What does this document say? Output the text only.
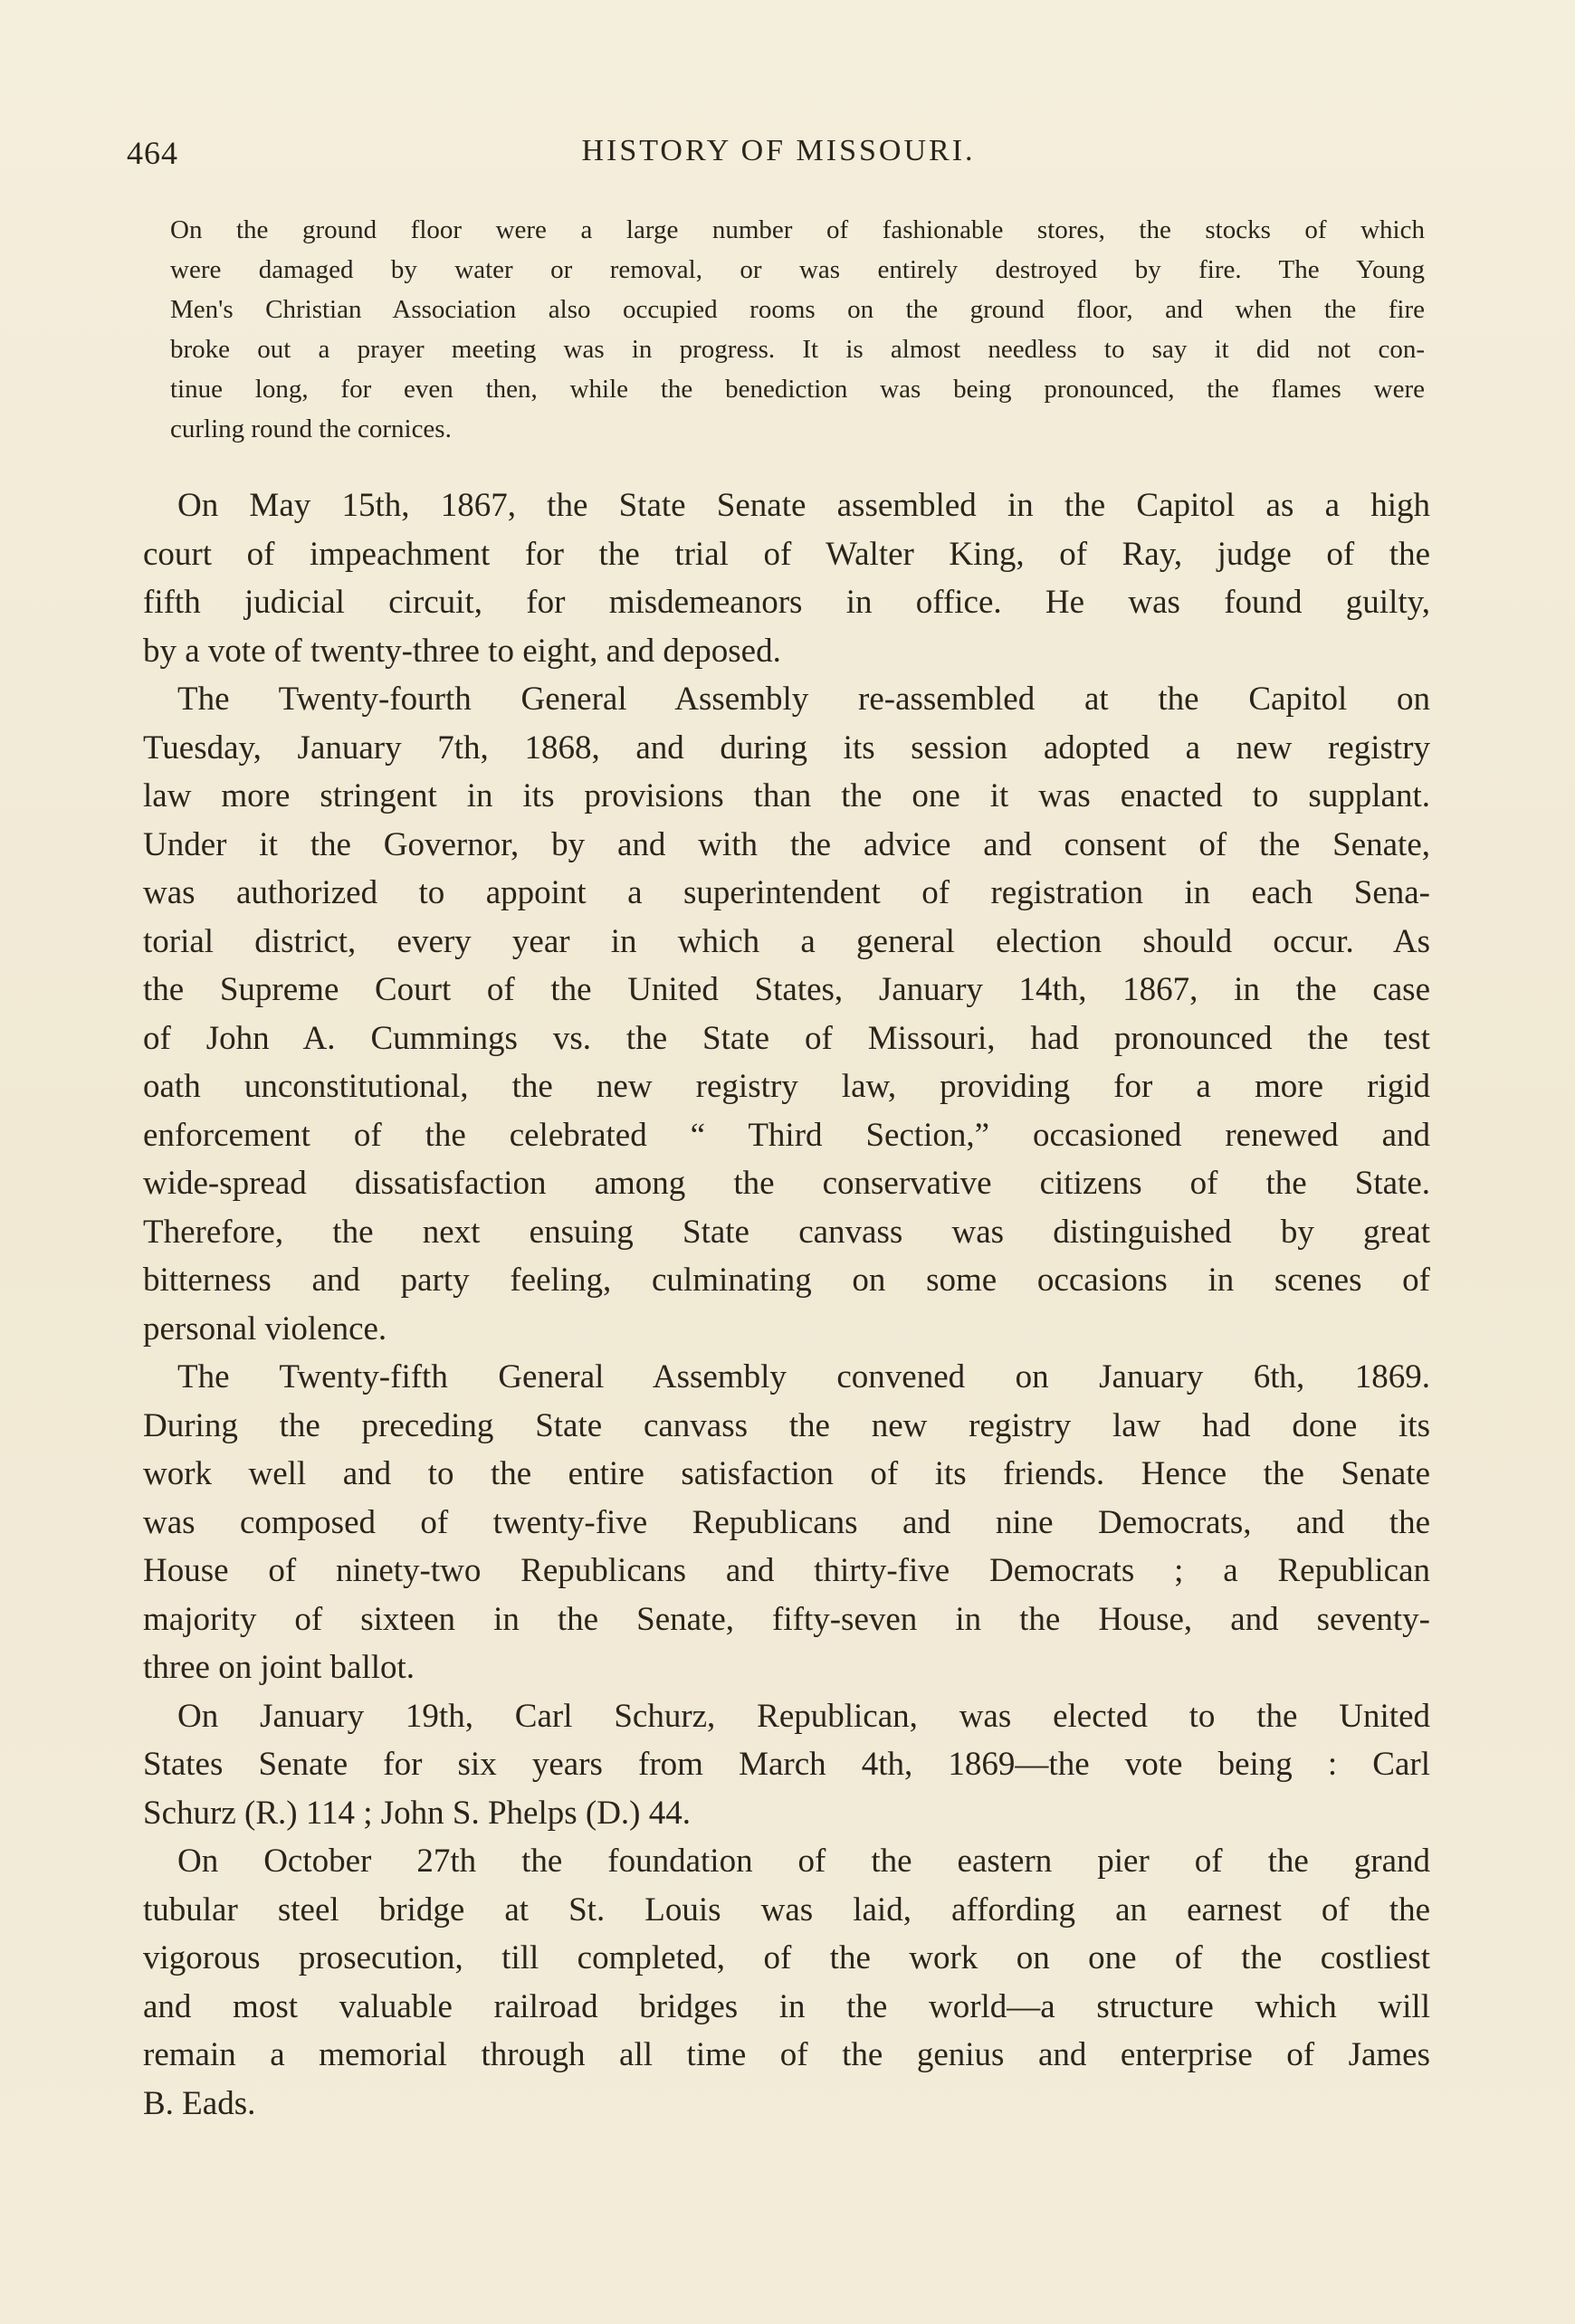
464	HISTORY OF MISSOURI.
On the ground floor were a large number of fashionable stores, the stocks of which
were damaged by water or removal, or was entirely destroyed by fire. The Young
Men's Christian Association also occupied rooms on the ground floor, and when the fire
broke out a prayer meeting was in progress. It is almost needless to say it did not con-
tinue long, for even then, while the benediction was being pronounced, the flames were
curling round the cornices.
On May 15th, 1867, the State Senate assembled in the Capitol as a high
court of impeachment for the trial of Walter King, of Ray, judge of the
fifth judicial circuit, for misdemeanors in office. He was found guilty,
by a vote of twenty-three to eight, and deposed.
The Twenty-fourth General Assembly re-assembled at the Capitol on
Tuesday, January 7th, 1868, and during its session adopted a new registry
law more stringent in its provisions than the one it was enacted to supplant.
Under it the Governor, by and with the advice and consent of the Senate,
was authorized to appoint a superintendent of registration in each Sena-
torial district, every year in which a general election should occur. As
the Supreme Court of the United States, January 14th, 1867, in the case
of John A. Cummings vs. the State of Missouri, had pronounced the test
oath unconstitutional, the new registry law, providing for a more rigid
enforcement of the celebrated “ Third Section,” occasioned renewed and
wide-spread dissatisfaction among the conservative citizens of the State.
Therefore, the next ensuing State canvass was distinguished by great
bitterness and party feeling, culminating on some occasions in scenes of
personal violence.
The Twenty-fifth General Assembly convened on January 6th, 1869.
During the preceding State canvass the new registry law had done its
work well and to the entire satisfaction of its friends. Hence the Senate
was composed of twenty-five Republicans and nine Democrats, and the
House of ninety-two Republicans and thirty-five Democrats ; a Republican
majority of sixteen in the Senate, fifty-seven in the House, and seventy-
three on joint ballot.
On January 19th, Carl Schurz, Republican, was elected to the United
States Senate for six years from March 4th, 1869—the vote being : Carl
Schurz (R.) 114 ; John S. Phelps (D.) 44.
On October 27th the foundation of the eastern pier of the grand
tubular steel bridge at St. Louis was laid, affording an earnest of the
vigorous prosecution, till completed, of the work on one of the costliest
and most valuable railroad bridges in the world—a structure which will
remain a memorial through all time of the genius and enterprise of James
B. Eads.
